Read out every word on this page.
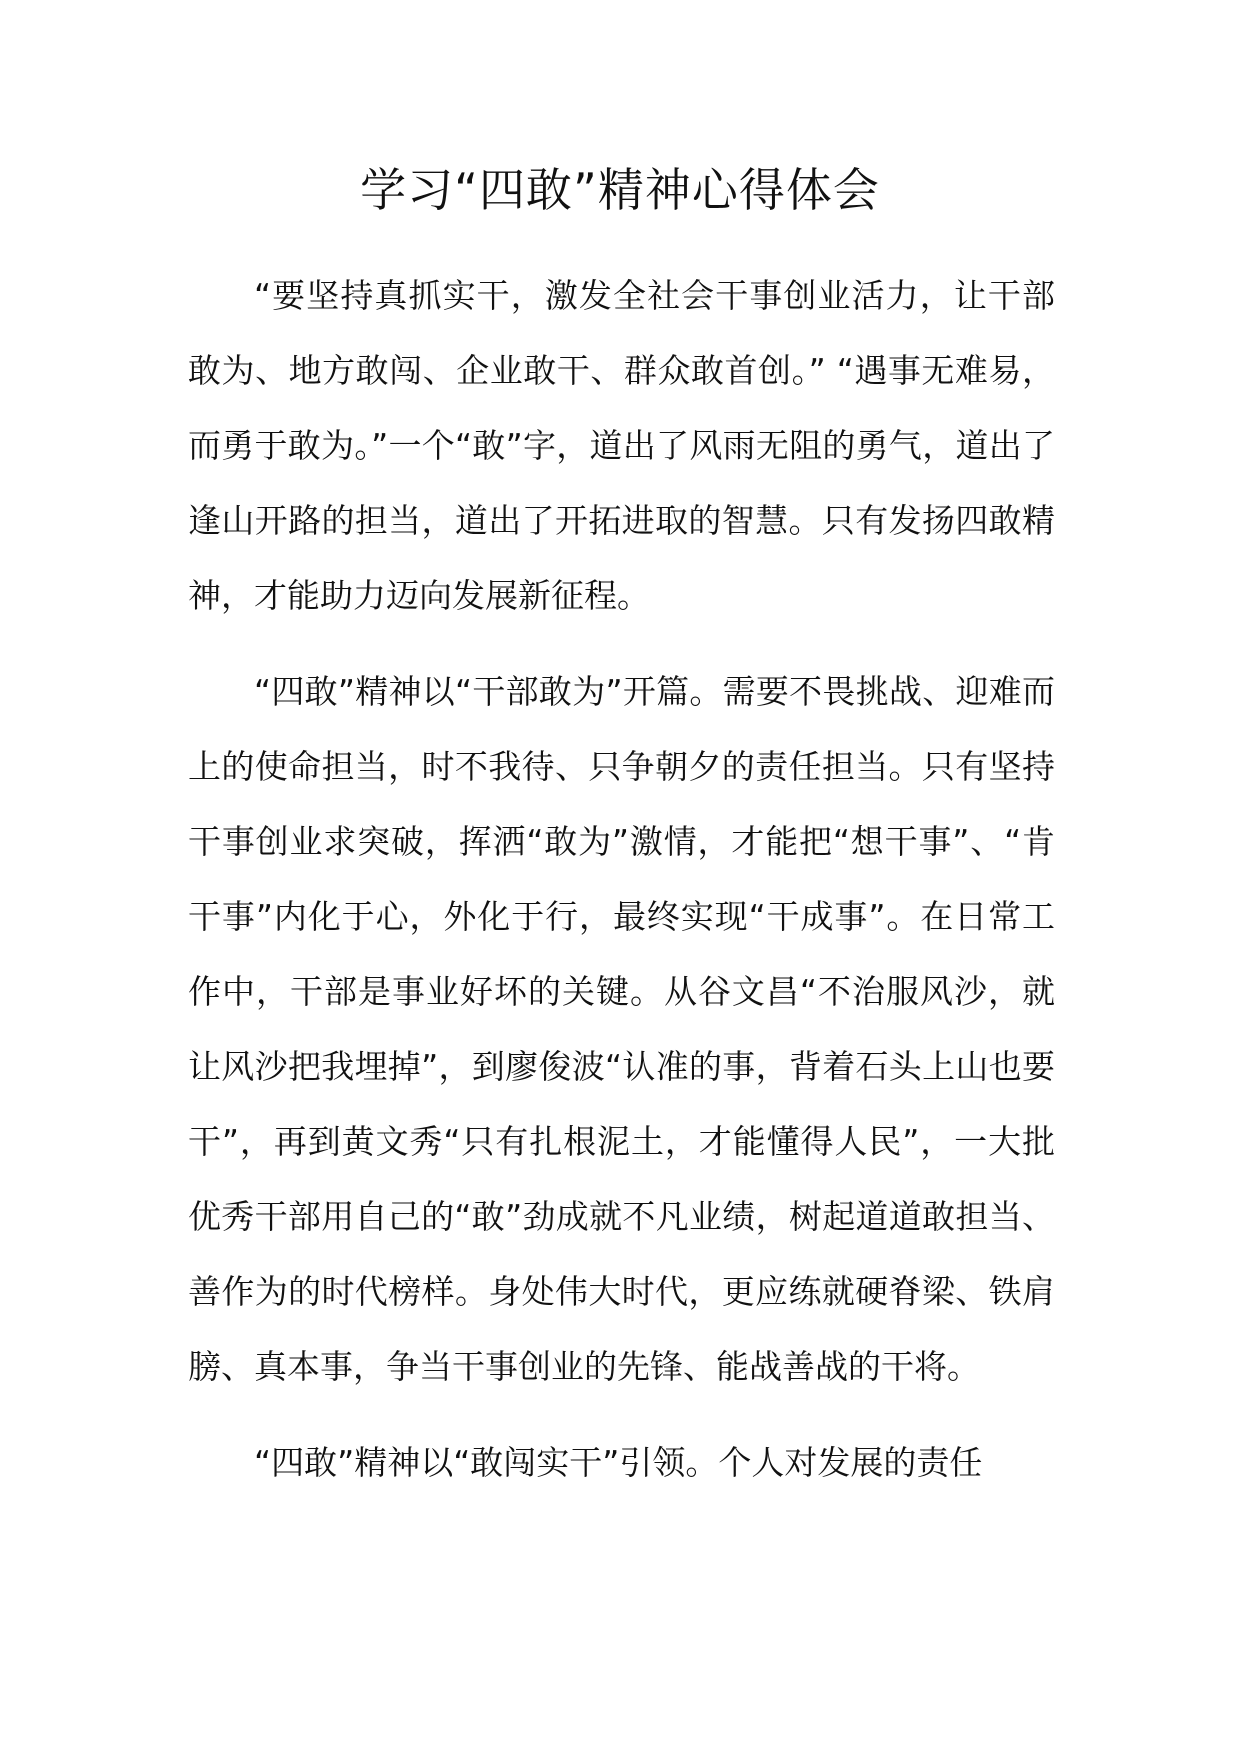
学习“四敢”精神心得体会

“要坚持真抓实干，激发全社会干事创业活力，让干部敢为、地方敢闯、企业敢干、群众敢首创。” “遇事无难易，而勇于敢为。”一个“敢”字，道出了风雨无阻的勇气，道出了逢山开路的担当，道出了开拓进取的智慧。只有发扬四敢精神，才能助力迈向发展新征程。

“四敢”精神以“干部敢为”开篇。需要不畏挑战、迎难而上的使命担当，时不我待、只争朝夕的责任担当。只有坚持干事创业求突破，挥洒“敢为”激情，才能把“想干事”、“肯干事”内化于心，外化于行，最终实现“干成事”。在日常工作中，干部是事业好坏的关键。从谷文昌“不治服风沙，就让风沙把我埋掉”，到廖俊波“认准的事，背着石头上山也要干”，再到黄文秀“只有扎根泥土，才能懂得人民”，一大批优秀干部用自己的“敢”劲成就不凡业绩，树起道道敢担当、善作为的时代榜样。身处伟大时代，更应练就硬脊梁、铁肩膀、真本事，争当干事创业的先锋、能战善战的干将。

“四敢”精神以“敢闯实干”引领。个人对发展的责任
